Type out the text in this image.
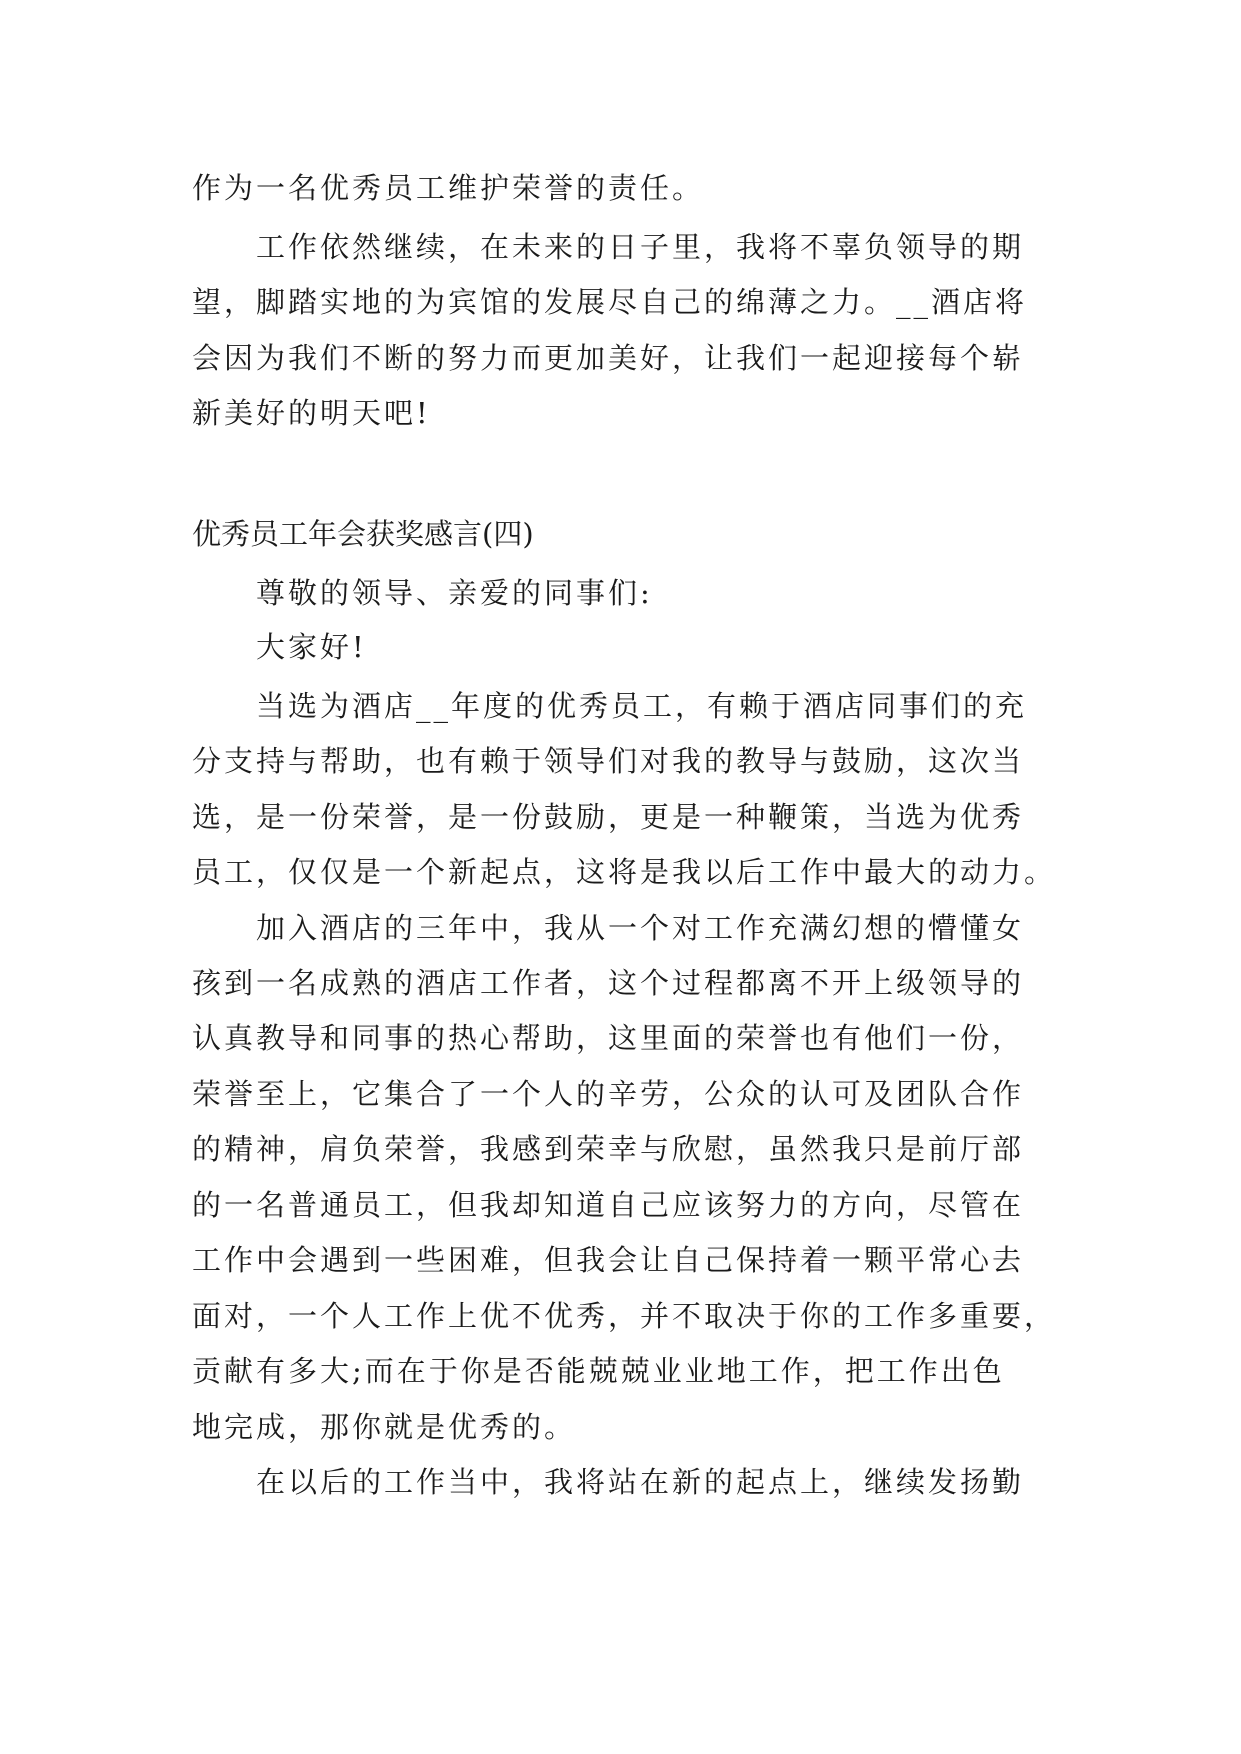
作为一名优秀员工维护荣誉的责任。
工作依然继续，在未来的日子里，我将不辜负领导的期
望，脚踏实地的为宾馆的发展尽自己的绵薄之力。__酒店将
会因为我们不断的努力而更加美好，让我们一起迎接每个崭
新美好的明天吧!
优秀员工年会获奖感言(四)
尊敬的领导、亲爱的同事们:
大家好!
当选为酒店__年度的优秀员工，有赖于酒店同事们的充
分支持与帮助，也有赖于领导们对我的教导与鼓励，这次当
选，是一份荣誉，是一份鼓励，更是一种鞭策，当选为优秀
员工，仅仅是一个新起点，这将是我以后工作中最大的动力。
加入酒店的三年中，我从一个对工作充满幻想的懵懂女
孩到一名成熟的酒店工作者，这个过程都离不开上级领导的
认真教导和同事的热心帮助，这里面的荣誉也有他们一份，
荣誉至上，它集合了一个人的辛劳，公众的认可及团队合作
的精神，肩负荣誉，我感到荣幸与欣慰，虽然我只是前厅部
的一名普通员工，但我却知道自己应该努力的方向，尽管在
工作中会遇到一些困难，但我会让自己保持着一颗平常心去
面对，一个人工作上优不优秀，并不取决于你的工作多重要，
贡献有多大;而在于你是否能兢兢业业地工作，把工作出色
地完成，那你就是优秀的。
在以后的工作当中，我将站在新的起点上，继续发扬勤
